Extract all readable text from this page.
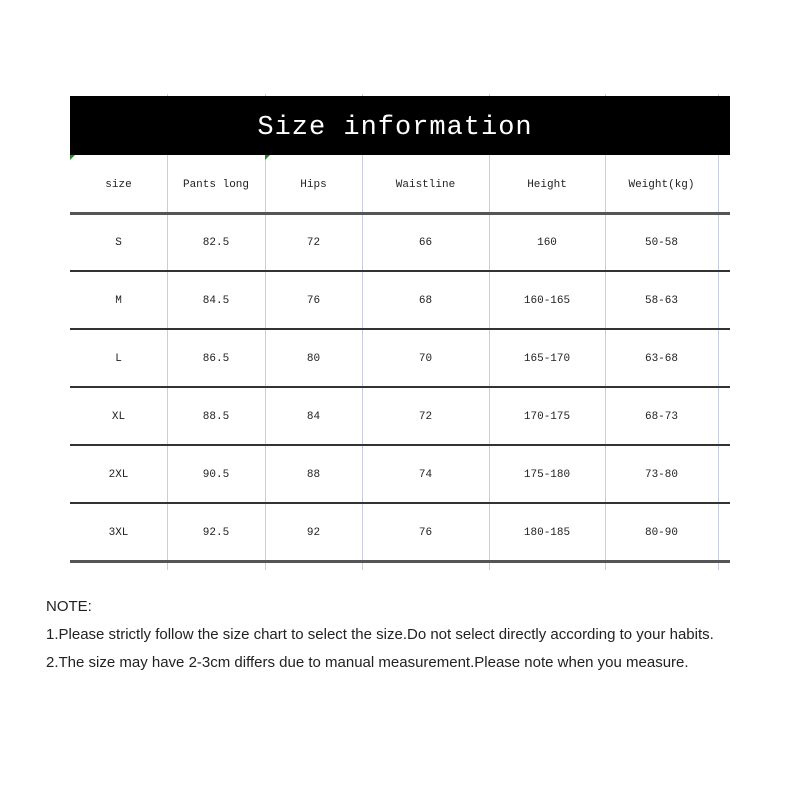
Size information
size	Pants long	Hips	Waistline	Height	Weight(kg)
S	82.5	72	66	160	50-58
M	84.5	76	68	160-165	58-63
L	86.5	80	70	165-170	63-68
XL	88.5	84	72	170-175	68-73
2XL	90.5	88	74	175-180	73-80
3XL	92.5	92	76	180-185	80-90
NOTE:
1.Please strictly follow the size chart to select the size.Do not select directly according to your habits.
2.The size may have 2-3cm differs due to manual measurement.Please note when you measure.
